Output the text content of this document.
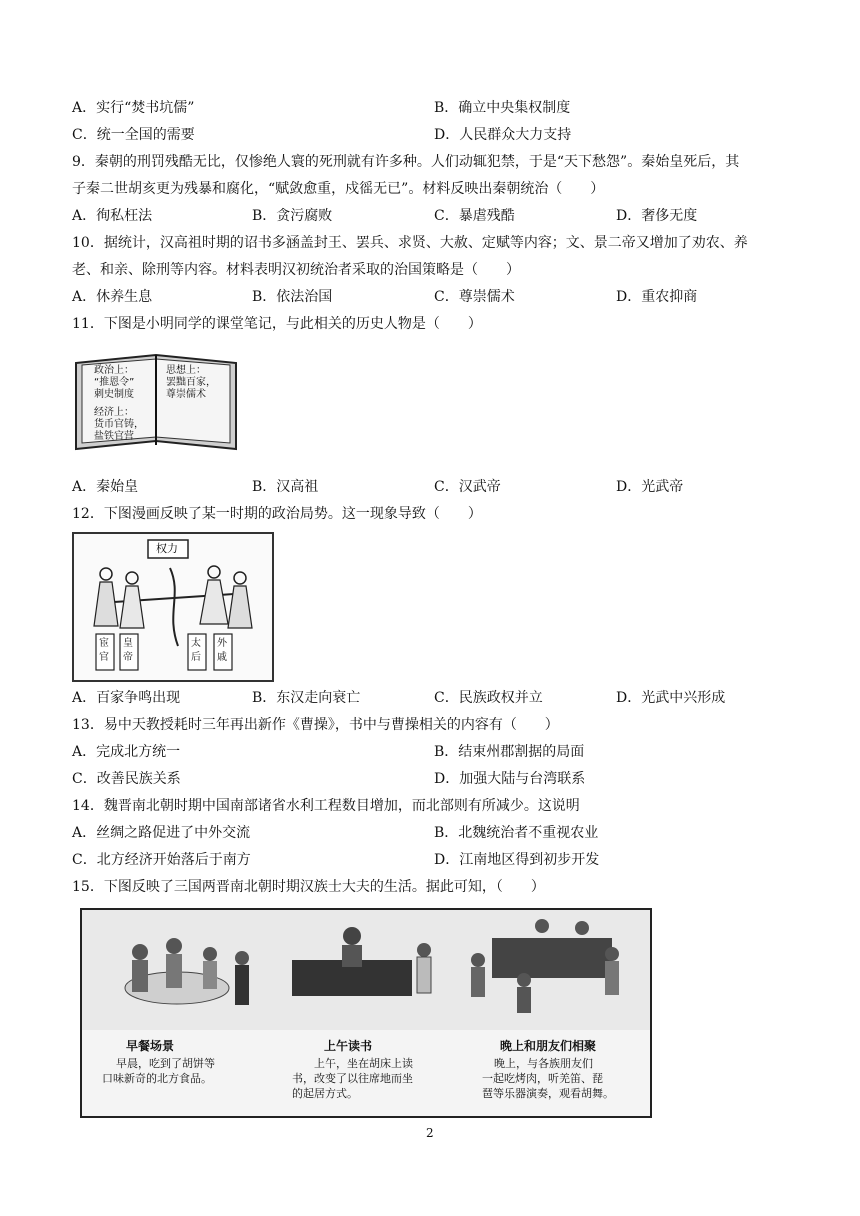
A．实行“焚书坑儒”	B．确立中央集权制度
C．统一全国的需要	D．人民群众大力支持
9．秦朝的刑罚残酷无比，仅惨绝人寰的死刑就有许多种。人们动辄犯禁，于是“天下愁怨”。秦始皇死后，其
子秦二世胡亥更为残暴和腐化，“赋敛愈重，戍徭无已”。材料反映出秦朝统治（　　）
A．徇私枉法	B．贪污腐败	C．暴虐残酷	D．奢侈无度
10．据统计，汉高祖时期的诏书多涵盖封王、罢兵、求贤、大赦、定赋等内容；文、景二帝又增加了劝农、养
老、和亲、除刑等内容。材料表明汉初统治者采取的治国策略是（　　）
A．休养生息	B．依法治国	C．尊崇儒术	D．重农抑商
11．下图是小明同学的课堂笔记，与此相关的历史人物是（　　）
政治上：
“推恩令”
刺史制度
经济上：
货币官铸，
盐铁官营
思想上：
罢黜百家，
尊崇儒术
A．秦始皇	B．汉高祖	C．汉武帝	D．光武帝
12．下图漫画反映了某一时期的政治局势。这一现象导致（　　）
权力
宦
官
皇
帝
太
后
外
戚
A．百家争鸣出现	B．东汉走向衰亡	C．民族政权并立	D．光武中兴形成
13．易中天教授耗时三年再出新作《曹操》，书中与曹操相关的内容有（　　）
A．完成北方统一	B．结束州郡割据的局面
C．改善民族关系	D．加强大陆与台湾联系
14．魏晋南北朝时期中国南部诸省水利工程数目增加，而北部则有所减少。这说明
A．丝绸之路促进了中外交流	B．北魏统治者不重视农业
C．北方经济开始落后于南方	D．江南地区得到初步开发
15．下图反映了三国两晋南北朝时期汉族士大夫的生活。据此可知，（　　）
早餐场景
早晨，吃到了胡饼等
口味新奇的北方食品。
上午读书
上午，坐在胡床上读
书，改变了以往席地而坐
的起居方式。
晚上和朋友们相聚
晚上，与各族朋友们
一起吃烤肉，听羌笛、琵
琶等乐器演奏，观看胡舞。
2
